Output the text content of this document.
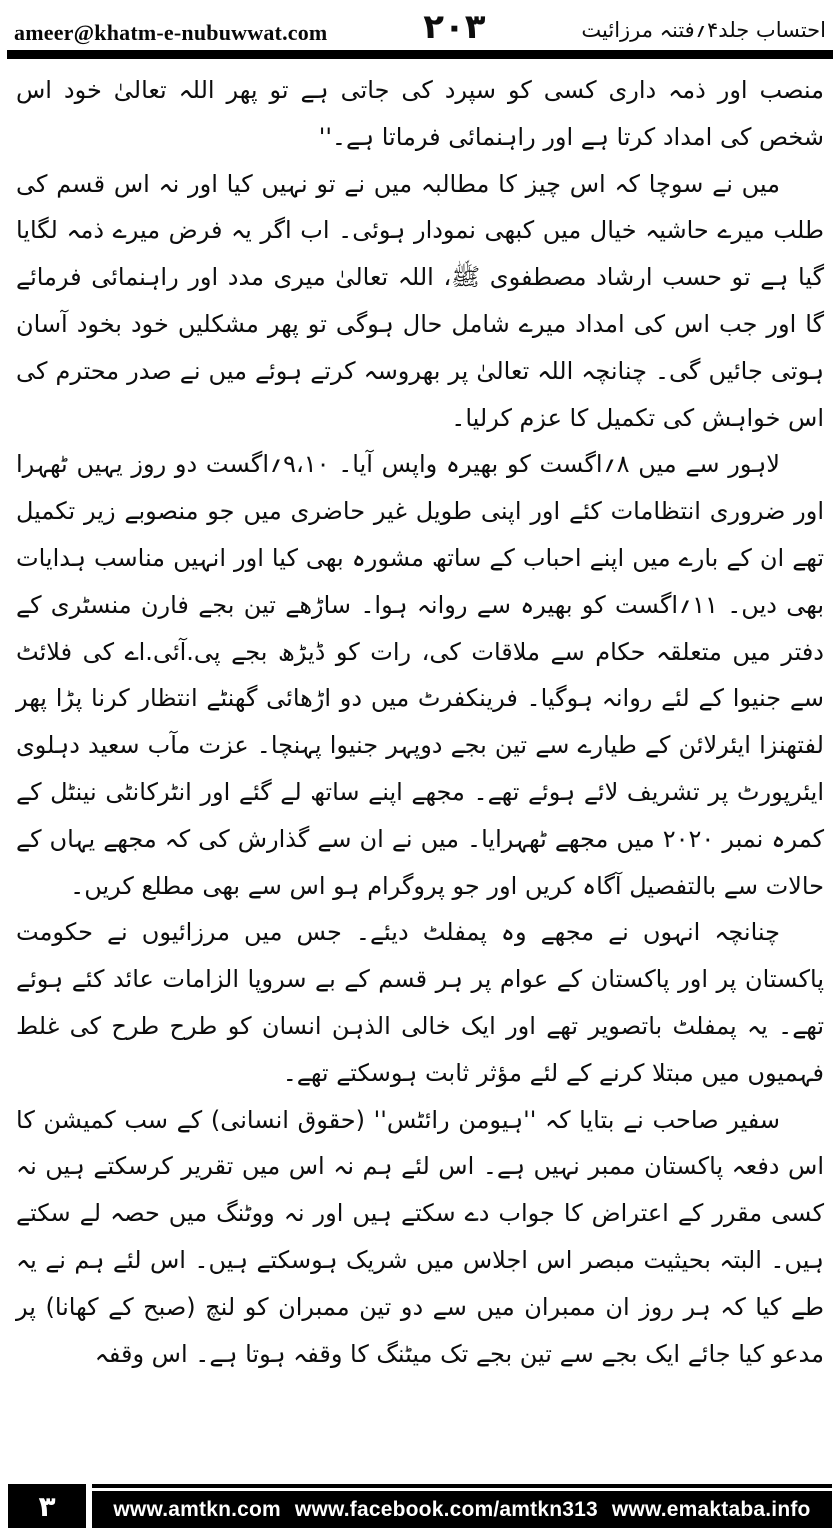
ameer@khatm-e-nubuwwat.com	۲۰۳	احتساب جلد۴؍فتنہ مرزائیت

منصب اور ذمہ داری کسی کو سپرد کی جاتی ہے تو پھر اللہ تعالیٰ خود اس شخص کی امداد کرتا ہے اور راہنمائی فرماتا ہے۔''

میں نے سوچا کہ اس چیز کا مطالبہ میں نے تو نہیں کیا اور نہ اس قسم کی طلب میرے حاشیہ خیال میں کبھی نمودار ہوئی۔ اب اگر یہ فرض میرے ذمہ لگایا گیا ہے تو حسب ارشاد مصطفوی ﷺ، اللہ تعالیٰ میری مدد اور راہنمائی فرمائے گا اور جب اس کی امداد میرے شامل حال ہوگی تو پھر مشکلیں خود بخود آسان ہوتی جائیں گی۔ چنانچہ اللہ تعالیٰ پر بھروسہ کرتے ہوئے میں نے صدر محترم کی اس خواہش کی تکمیل کا عزم کرلیا۔

لاہور سے میں ۸؍اگست کو بھیرہ واپس آیا۔ ۹،۱۰؍اگست دو روز یہیں ٹھہرا اور ضروری انتظامات کئے اور اپنی طویل غیر حاضری میں جو منصوبے زیر تکمیل تھے ان کے بارے میں اپنے احباب کے ساتھ مشورہ بھی کیا اور انہیں مناسب ہدایات بھی دیں۔ ۱۱؍اگست کو بھیرہ سے روانہ ہوا۔ ساڑھے تین بجے فارن منسٹری کے دفتر میں متعلقہ حکام سے ملاقات کی، رات کو ڈیڑھ بجے پی.آئی.اے کی فلائٹ سے جنیوا کے لئے روانہ ہوگیا۔ فرینکفرٹ میں دو اڑھائی گھنٹے انتظار کرنا پڑا پھر لفتھنزا ایئرلائن کے طیارے سے تین بجے دوپہر جنیوا پہنچا۔ عزت مآب سعید دہلوی ایئرپورٹ پر تشریف لائے ہوئے تھے۔ مجھے اپنے ساتھ لے گئے اور انٹرکانٹی نینٹل کے کمرہ نمبر ۲۰۲۰ میں مجھے ٹھہرایا۔ میں نے ان سے گذارش کی کہ مجھے یہاں کے حالات سے بالتفصیل آگاہ کریں اور جو پروگرام ہو اس سے بھی مطلع کریں۔

چنانچہ انہوں نے مجھے وہ پمفلٹ دیئے۔ جس میں مرزائیوں نے حکومت پاکستان پر اور پاکستان کے عوام پر ہر قسم کے بے سروپا الزامات عائد کئے ہوئے تھے۔ یہ پمفلٹ باتصویر تھے اور ایک خالی الذہن انسان کو طرح طرح کی غلط فہمیوں میں مبتلا کرنے کے لئے مؤثر ثابت ہوسکتے تھے۔

سفیر صاحب نے بتایا کہ ''ہیومن رائٹس'' (حقوق انسانی) کے سب کمیشن کا اس دفعہ پاکستان ممبر نہیں ہے۔ اس لئے ہم نہ اس میں تقریر کرسکتے ہیں نہ کسی مقرر کے اعتراض کا جواب دے سکتے ہیں اور نہ ووٹنگ میں حصہ لے سکتے ہیں۔ البتہ بحیثیت مبصر اس اجلاس میں شریک ہوسکتے ہیں۔ اس لئے ہم نے یہ طے کیا کہ ہر روز ان ممبران میں سے دو تین ممبران کو لنچ (صبح کے کھانا) پر مدعو کیا جائے ایک بجے سے تین بجے تک میٹنگ کا وقفہ ہوتا ہے۔ اس وقفہ

۳	www.amtkn.com www.facebook.com/amtkn313 www.emaktaba.info
